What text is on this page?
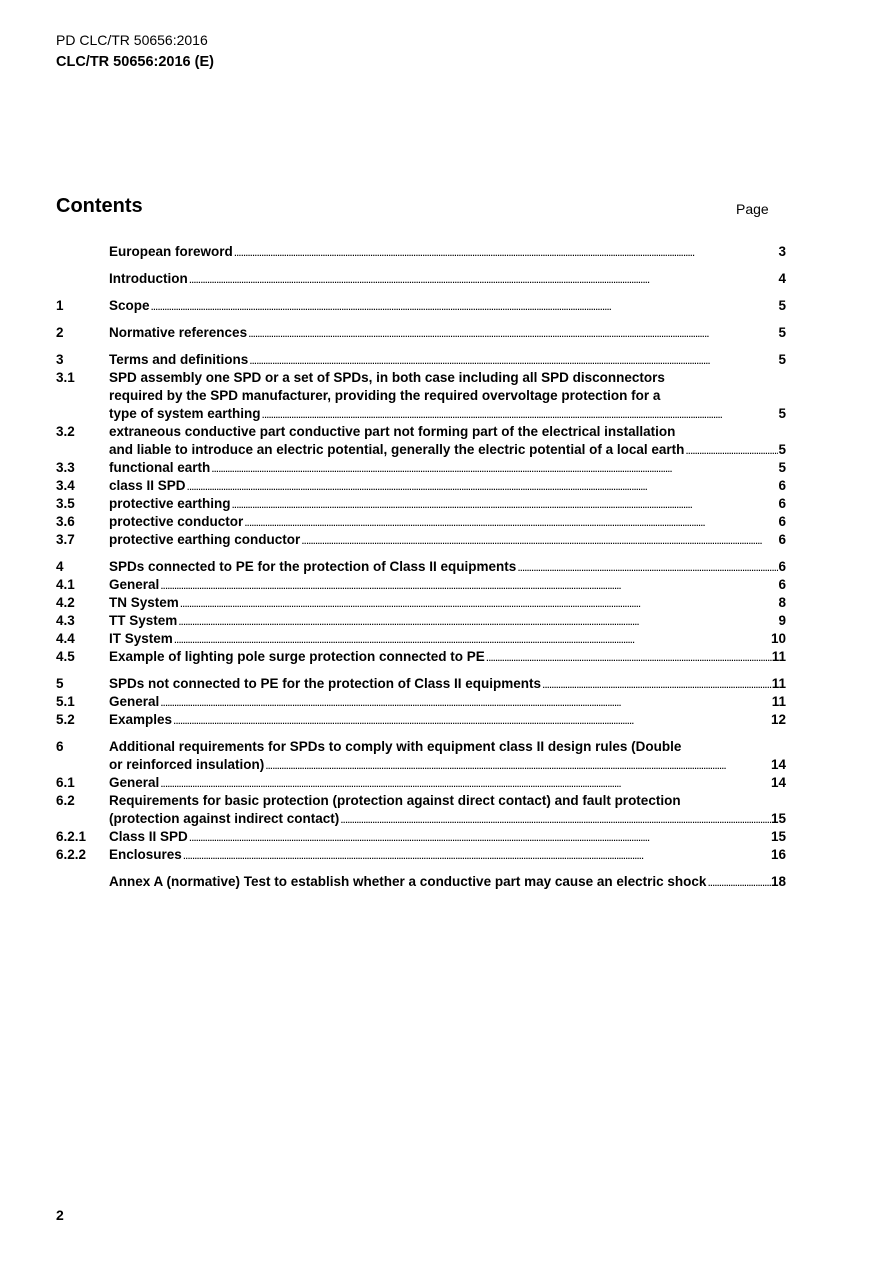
PD CLC/TR 50656:2016
CLC/TR 50656:2016 (E)
Contents	Page
European foreword . . .	3
Introduction . . .	4
1	Scope . . .	5
2	Normative references . . .	5
3	Terms and definitions . . .	5
3.1	SPD assembly one SPD or a set of SPDs, in both case including all SPD disconnectors
required by the SPD manufacturer, providing the required overvoltage protection for a
type of system earthing . . .	5
3.2	extraneous conductive part conductive part not forming part of the electrical installation
and liable to introduce an electric potential, generally the electric potential of a local earth . . .	5
3.3	functional earth . . .	5
3.4	class II SPD . . .	6
3.5	protective earthing . . .	6
3.6	protective conductor . . .	6
3.7	protective earthing conductor . . .	6
4	SPDs connected to PE for the protection of Class II equipments . . .	6
4.1	General . . .	6
4.2	TN System . . .	8
4.3	TT System . . .	9
4.4	IT System . . .	10
4.5	Example of lighting pole surge protection connected to PE . . .	11
5	SPDs not connected to PE for the protection of Class II equipments . . .	11
5.1	General . . .	11
5.2	Examples . . .	12
6	Additional requirements for SPDs to comply with equipment class II design rules (Double
or reinforced insulation) . . .	14
6.1	General . . .	14
6.2	Requirements for basic protection (protection against direct contact) and fault protection
(protection against indirect contact) . . .	15
6.2.1	Class II SPD . . .	15
6.2.2	Enclosures . . .	16
Annex A (normative) Test to establish whether a conductive part may cause an electric shock . . .	18
2
